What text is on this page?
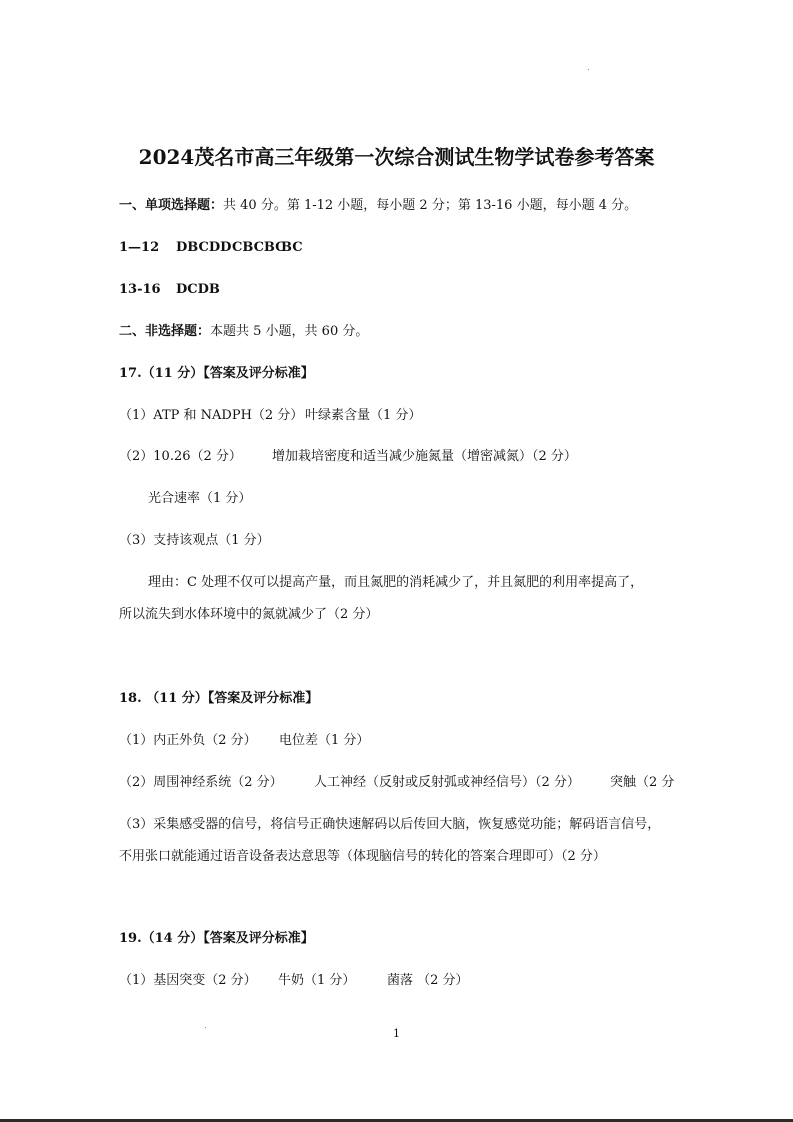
2024茂名市高三年级第一次综合测试生物学试卷参考答案
一、单项选择题：共 40 分。第 1-12 小题，每小题 2 分；第 13-16 小题，每小题 4 分。
1—12 DBCDD CBCBC
BC
13-16 DCDB
二、非选择题：本题共 5 小题，共 60 分。
17.（11 分）【答案及评分标准】
（1）ATP 和 NADPH（2 分） 叶绿素含量（1 分）
（2）10.26（2 分） 增加栽培密度和适当减少施氮量（增密减氮）（2 分）
光合速率（1 分）
（3）支持该观点（1 分）
理由：C 处理不仅可以提高产量，而且氮肥的消耗减少了，并且氮肥的利用率提高了，
所以流失到水体环境中的氮就减少了（2 分）
18. （11 分）【答案及评分标准】
（1）内正外负（2 分） 电位差（1 分）
（2）周围神经系统（2 分） 人工神经（反射或反射弧或神经信号）（2 分） 突触（2 分
（3）采集感受器的信号，将信号正确快速解码以后传回大脑，恢复感觉功能；解码语言信号，
不用张口就能通过语音设备表达意思等（体现脑信号的转化的答案合理即可）（2 分）
19.（14 分）【答案及评分标准】
（1）基因突变（2 分） 牛奶（1 分） 菌落 （2 分）
1
